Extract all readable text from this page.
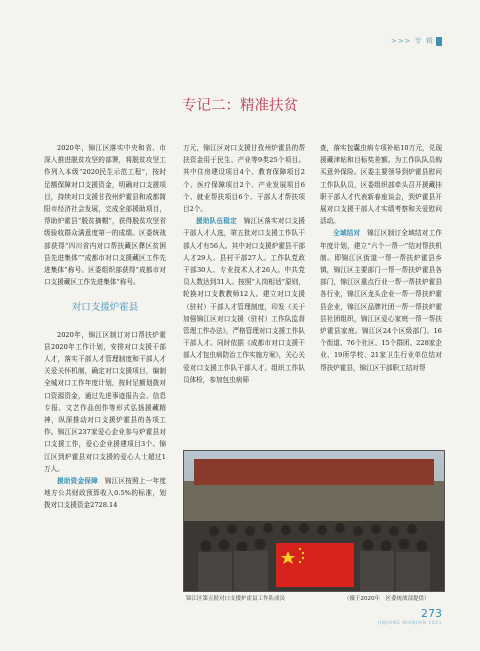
>>> 专 辑
专记二：精准扶贫

2020年，锦江区落实中央和省、市深入推进脱贫攻坚的部署，将脱贫攻坚工作列入本级“2020民生示范工程”，按时足额保障对口支援资金，明确对口支援项目，持续对口支援甘孜州炉霍县和成都简阳市经济社会发展，完成全部援助项目，帮助炉霍县“脱贫摘帽”，获得脱贫攻坚省级验收群众满意度第一的成绩。区委统战部获得“四川省内对口帮扶藏区彝区贫困县先进集体”“成都市对口支援藏区工作先进集体”称号。区委组织部获得“成都市对口支援藏区工作先进集体”称号。

对口支援炉霍县

2020年，锦江区制订对口帮扶炉霍县2020年工作计划，安排对口支援干部人才，落实干部人才管理制度和干部人才关爱关怀机制，确定对口支援项目，编制全城对口工作年度计划，按时足额划拨对口资源资金，通过先进事迹报告会、信息专报、文艺作品创作等形式弘扬援藏精神，纵深推动对口支援炉霍县的各项工作。锦江区237家爱心企业参与炉霍县对口支援工作，爱心企业援建项目3个。锦江区到炉霍县对口支援的爱心人士超过1万人。

援助资金保障　 锦江区按照上一年度地方公共财政预算收入0.5%的标准，划拨对口支援资金2728.14

万元，锦江区对口支援甘孜州炉霍县的帮扶资金用于民生、产业等9类25个项目。其中住房建设项目4个、教育保障项目2个、医疗保障项目2个、产业发展项目6个、就业帮扶项目6个、干部人才帮扶项目2个。

援助队伍稳定　 锦江区落实对口支援干部人才人选，第五批对口支援工作队干部人才有56人。其中对口支援炉霍县干部人才29人、县村干部27人。工作队党政干部30人、专业技术人才26人。中共党员人数达到31人。按照“人岗相适”原则，轮换对口支教教师12人。建立对口支援（驻村）干部人才管理制度，印发《关于加强锦江区对口支援（驻村）工作队监督管理工作办法》，严格管理对口支援工作队干部人才。同时依据《成都市对口支援干部人才包虫病防治工作实施方案》，关心关爱对口支援工作队干部人才。组织工作队员体检，参加包虫病筛

查，落实包囊虫病专项补贴10万元，兑现援藏津贴和目标奖差额。为工作队队员购买意外保险。区委主要领导到炉霍县慰问工作队队员，区委组织部牵头召开援藏挂职干部人才代表新春座谈会，到炉霍县开展对口支援干部人才实绩考察和关爱慰问活动。

全域结对　 锦江区制订全域结对工作年度计划，建立“六个一帮一”结对帮扶机制。即锦江区街道一帮一帮扶炉霍县乡镇，锦江区主要部门一帮一帮扶炉霍县各部门，锦江区重点行业一帮一帮扶炉霍县各行业，锦江区龙头企业一帮一帮扶炉霍县企业，锦江区品牌社团一帮一帮扶炉霍县社团组织，锦江区爱心家庭一帮一帮扶炉霍县家庭。锦江区24个区级部门、16个街道、76个社区、15个群团、228家企业、19所学校、21家卫生行业单位结对帮扶炉霍县，锦江区干部职工结对帮

锦江区第五批对口支援炉霍县工作队成员	（摄于2020年　区委统战部提供）
273
JINJIANG NIANJIAN 2021
